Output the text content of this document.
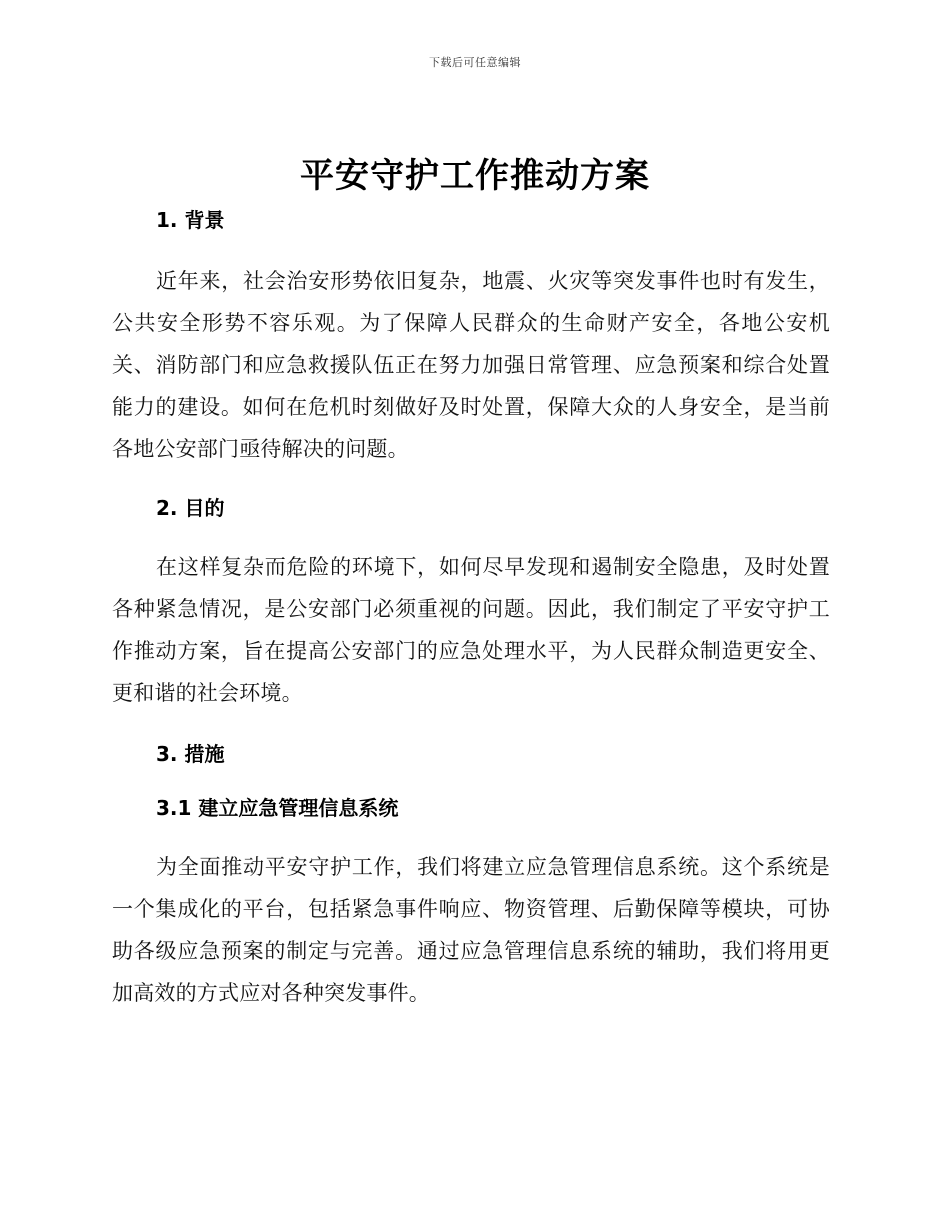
下载后可任意编辑
平安守护工作推动方案
1. 背景

近年来，社会治安形势依旧复杂，地震、火灾等突发事件也时有发生，公共安全形势不容乐观。为了保障人民群众的生命财产安全，各地公安机关、消防部门和应急救援队伍正在努力加强日常管理、应急预案和综合处置能力的建设。如何在危机时刻做好及时处置，保障大众的人身安全，是当前各地公安部门亟待解决的问题。

2. 目的

在这样复杂而危险的环境下，如何尽早发现和遏制安全隐患，及时处置各种紧急情况，是公安部门必须重视的问题。因此，我们制定了平安守护工作推动方案，旨在提高公安部门的应急处理水平，为人民群众制造更安全、更和谐的社会环境。

3. 措施
3.1 建立应急管理信息系统

为全面推动平安守护工作，我们将建立应急管理信息系统。这个系统是一个集成化的平台，包括紧急事件响应、物资管理、后勤保障等模块，可协助各级应急预案的制定与完善。通过应急管理信息系统的辅助，我们将用更加高效的方式应对各种突发事件。
